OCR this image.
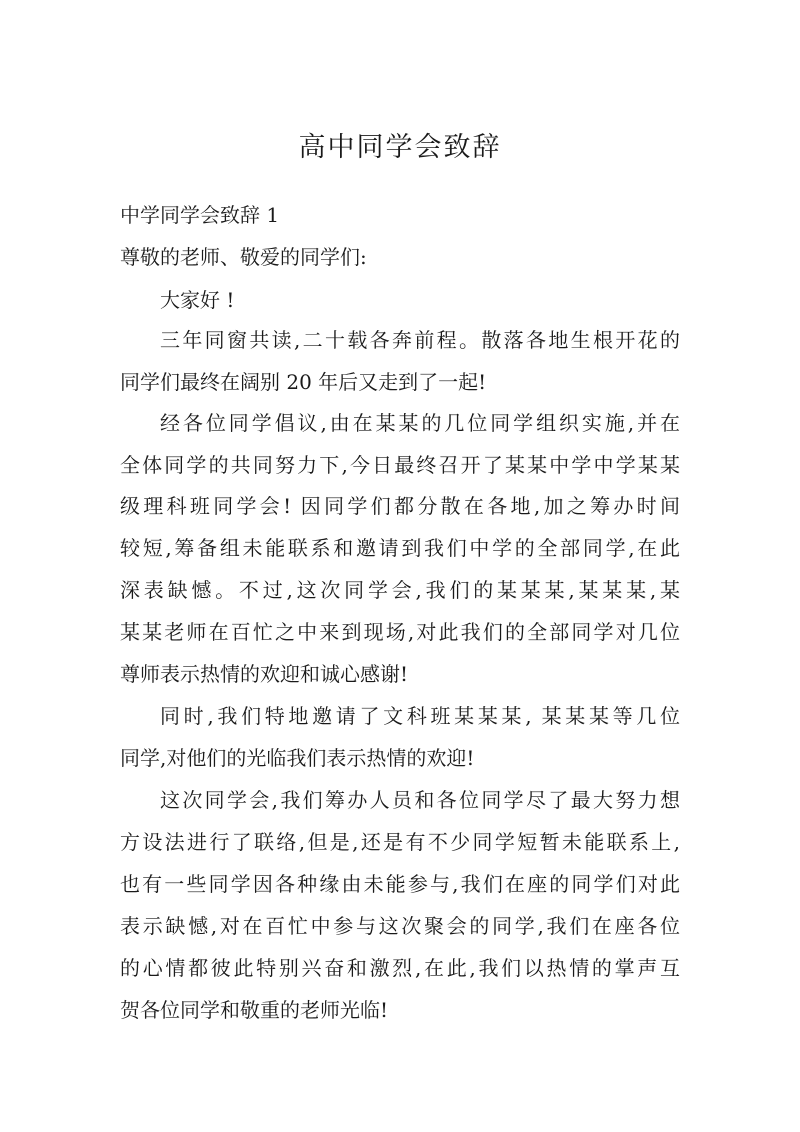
高中同学会致辞
中学同学会致辞 1
尊敬的老师、敬爱的同学们:
大家好 !
三年同窗共读,二十载各奔前程。散落各地生根开花的
同学们最终在阔别 20 年后又走到了一起!
经各位同学倡议,由在某某的几位同学组织实施,并在
全体同学的共同努力下,今日最终召开了某某中学中学某某
级理科班同学会! 因同学们都分散在各地,加之筹办时间
较短,筹备组未能联系和邀请到我们中学的全部同学,在此
深表缺憾。不过,这次同学会,我们的某某某,某某某,某
某某老师在百忙之中来到现场,对此我们的全部同学对几位
尊师表示热情的欢迎和诚心感谢!
同时,我们特地邀请了文科班某某某, 某某某等几位
同学,对他们的光临我们表示热情的欢迎!
这次同学会,我们筹办人员和各位同学尽了最大努力想
方设法进行了联络,但是,还是有不少同学短暂未能联系上,
也有一些同学因各种缘由未能参与,我们在座的同学们对此
表示缺憾,对在百忙中参与这次聚会的同学,我们在座各位
的心情都彼此特别兴奋和激烈,在此,我们以热情的掌声互
贺各位同学和敬重的老师光临!
